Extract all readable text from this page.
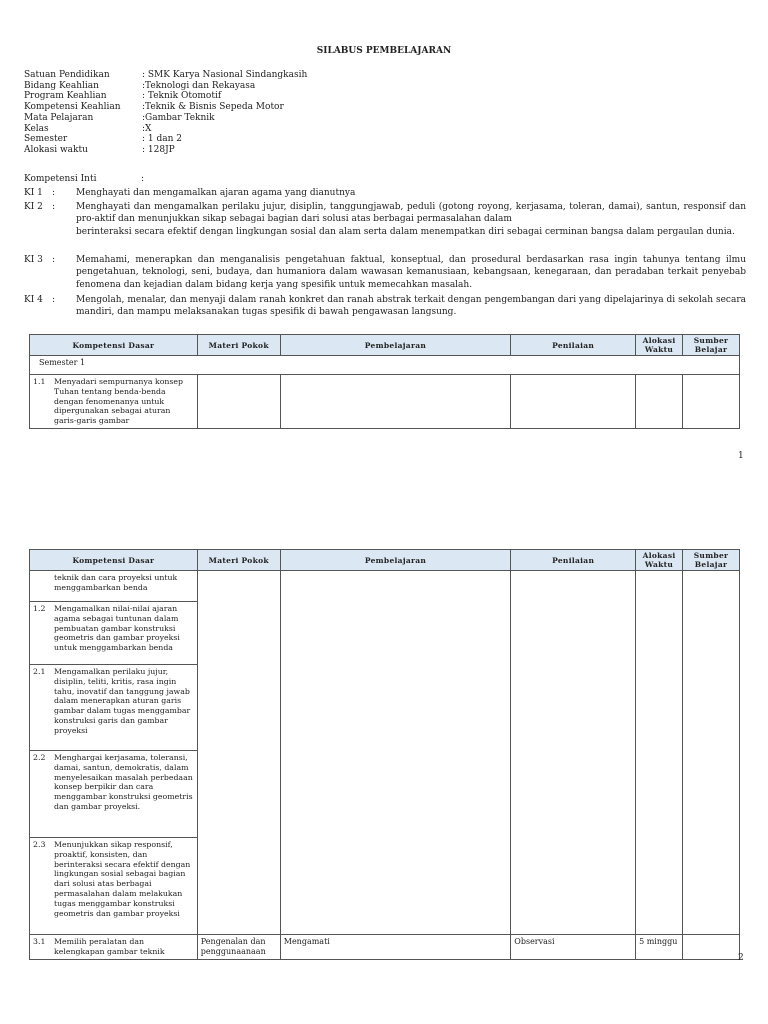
SILABUS PEMBELAJARAN
Satuan Pendidikan	: SMK Karya Nasional Sindangkasih
Bidang Keahlian	:Teknologi dan Rekayasa
Program Keahlian	: Teknik Otomotif
Kompetensi Keahlian	:Teknik & Bisnis Sepeda Motor
Mata Pelajaran	:Gambar Teknik
Kelas	:X
Semester	: 1 dan 2
Alokasi waktu	: 128JP
Kompetensi Inti	:
KI 1	: Menghayati dan mengamalkan ajaran agama yang dianutnya
KI 2	: Menghayati dan mengamalkan perilaku jujur, disiplin, tanggungjawab, peduli (gotong royong, kerjasama, toleran, damai), santun, responsif dan pro-aktif dan menunjukkan sikap sebagai bagian dari solusi atas berbagai permasalahan dalam
berinteraksi secara efektif dengan lingkungan sosial dan alam serta dalam menempatkan diri sebagai cerminan bangsa dalam pergaulan dunia.
KI 3	: Memahami, menerapkan dan menganalisis pengetahuan faktual, konseptual, dan prosedural berdasarkan rasa ingin tahunya tentang ilmu pengetahuan, teknologi, seni, budaya, dan humaniora dalam wawasan kemanusiaan, kebangsaan, kenegaraan, dan peradaban terkait penyebab fenomena dan kejadian dalam bidang kerja yang spesifik untuk memecahkan masalah.
KI 4	: Mengolah, menalar, dan menyaji dalam ranah konkret dan ranah abstrak terkait dengan pengembangan dari yang dipelajarinya di sekolah secara mandiri, dan mampu melaksanakan tugas spesifik di bawah pengawasan langsung.
Kompetensi Dasar	Materi Pokok	Pembelajaran	Penilaian	Alokasi Waktu	Sumber Belajar
Semester 1					

1.1 Menyadari sempurnanya konsep Tuhan tentang benda-benda dengan fenomenanya untuk dipergunakan sebagai aturan garis-garis gambar					
1
Kompetensi Dasar	Materi Pokok	Pembelajaran	Penilaian	Alokasi Waktu	Sumber Belajar
teknik dan cara proyeksi untuk menggambarkan benda					

1.2 Mengamalkan nilai-nilai ajaran agama sebagai tuntunan dalam pembuatan gambar konstruksi geometris dan gambar proyeksi untuk menggambarkan benda					

2.1 Mengamalkan perilaku jujur, disiplin, teliti, kritis, rasa ingin tahu, inovatif dan tanggung jawab dalam menerapkan aturan garis gambar dalam tugas menggambar konstruksi garis dan gambar proyeksi					

2.2 Menghargai kerjasama, toleransi, damai, santun, demokratis, dalam menyelesaikan masalah perbedaan konsep berpikir dan cara menggambar konstruksi geometris dan gambar proyeksi.					

2.3 Menunjukkan sikap responsif, proaktif, konsisten, dan berinteraksi secara efektif dengan lingkungan sosial sebagai bagian dari solusi atas berbagai permasalahan dalam melakukan tugas menggambar konstruksi geometris dan gambar proyeksi					

3.1 Memilih peralatan dan kelengkapan gambar teknik	Pengenalan dan penggunaanaan	Mengamati	Observasi	5 minggu	
2
